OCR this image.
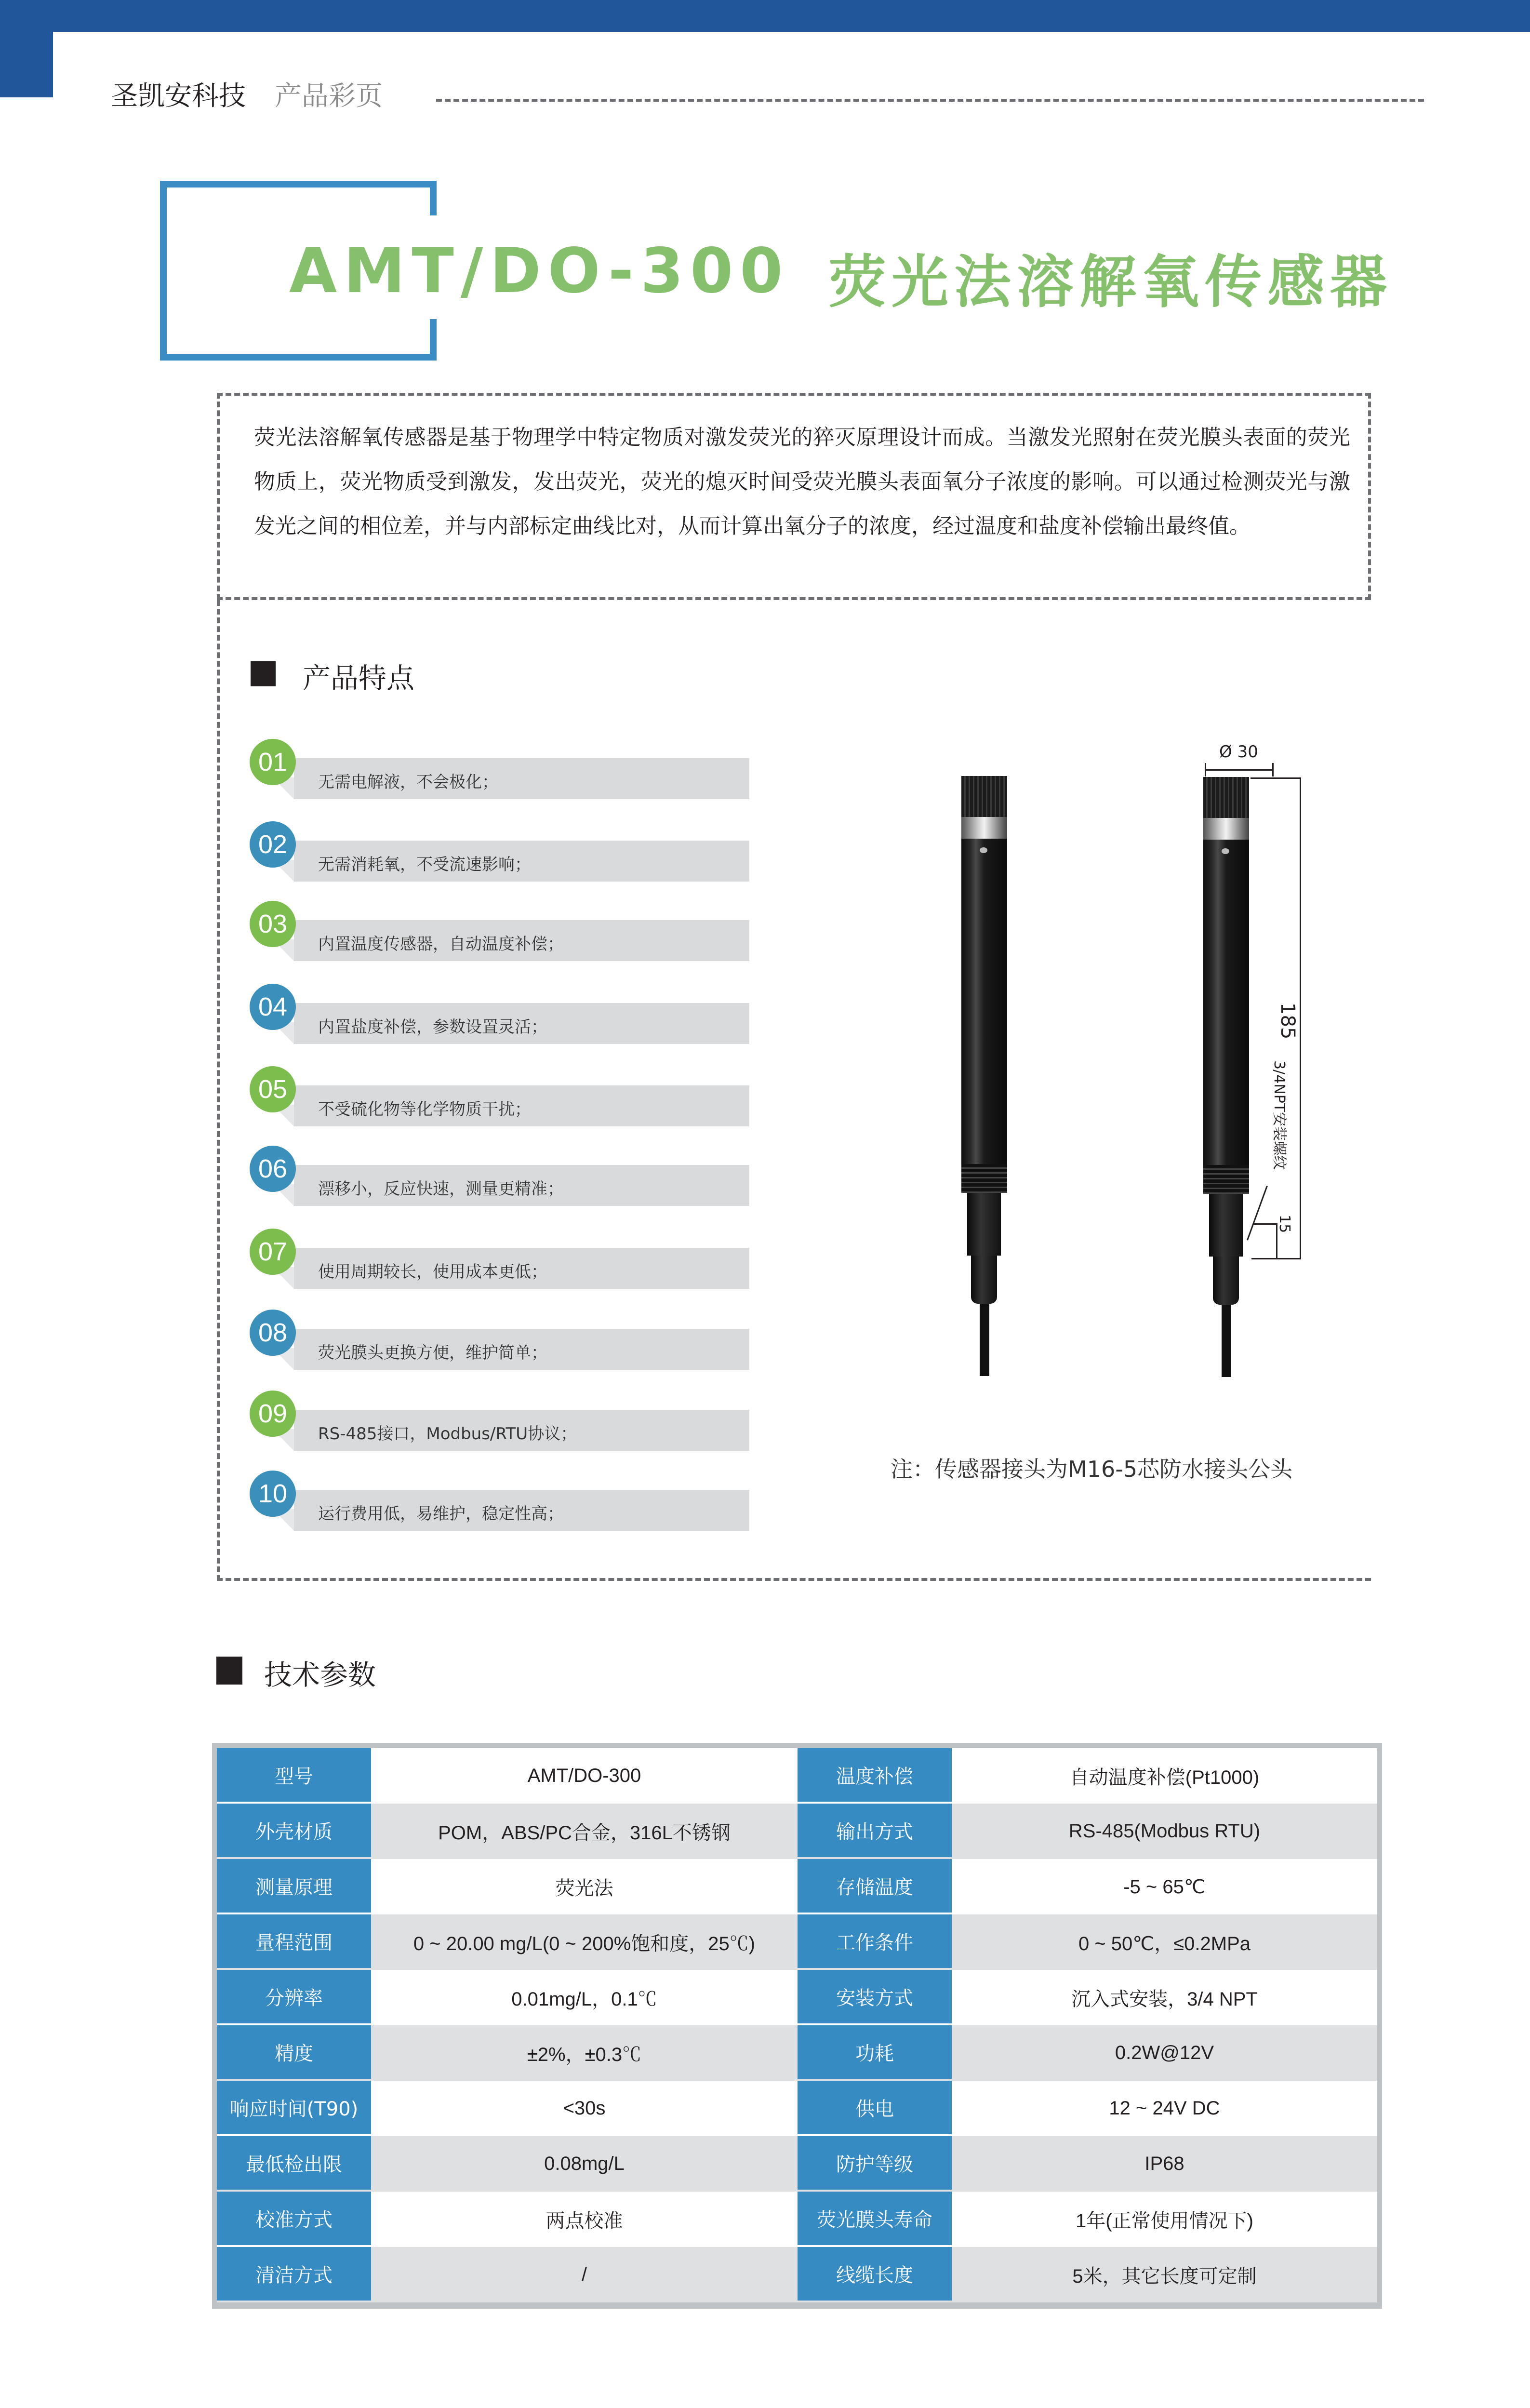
圣凯安科技 产品彩页
AMT/DO-300 荧光法溶解氧传感器
荧光法溶解氧传感器是基于物理学中特定物质对激发荧光的猝灭原理设计而成。当激发光照射在荧光膜头表面的荧光物质上，荧光物质受到激发，发出荧光，荧光的熄灭时间受荧光膜头表面氧分子浓度的影响。可以通过检测荧光与激发光之间的相位差，并与内部标定曲线比对，从而计算出氧分子的浓度，经过温度和盐度补偿输出最终值。
产品特点
01
无需电解液，不会极化；
02
无需消耗氧，不受流速影响；
03
内置温度传感器，自动温度补偿；
04
内置盐度补偿，参数设置灵活；
05
不受硫化物等化学物质干扰；
06
漂移小，反应快速，测量更精准；
07
使用周期较长，使用成本更低；
08
荧光膜头更换方便，维护简单；
09
RS-485接口，Modbus/RTU协议；
10
运行费用低，易维护，稳定性高；
Ø 30
185
15
3/4NPT安装螺纹
注：传感器接头为M16-5芯防水接头公头
技术参数
型号	AMT/DO-300	温度补偿	自动温度补偿(Pt1000)
外壳材质	POM，ABS/PC合金，316L不锈钢	输出方式	RS-485(Modbus RTU)
测量原理	荧光法	存储温度	-5 ~ 65℃
量程范围	0 ~ 20.00 mg/L(0 ~ 200%饱和度，25℃)	工作条件	0 ~ 50℃，≤0.2MPa
分辨率	0.01mg/L，0.1℃	安装方式	沉入式安装，3/4 NPT
精度	±2%，±0.3℃	功耗	0.2W@12V
响应时间(T90)	<30s	供电	12 ~ 24V DC
最低检出限	0.08mg/L	防护等级	IP68
校准方式	两点校准	荧光膜头寿命	1年(正常使用情况下)
清洁方式	/	线缆长度	5米，其它长度可定制
